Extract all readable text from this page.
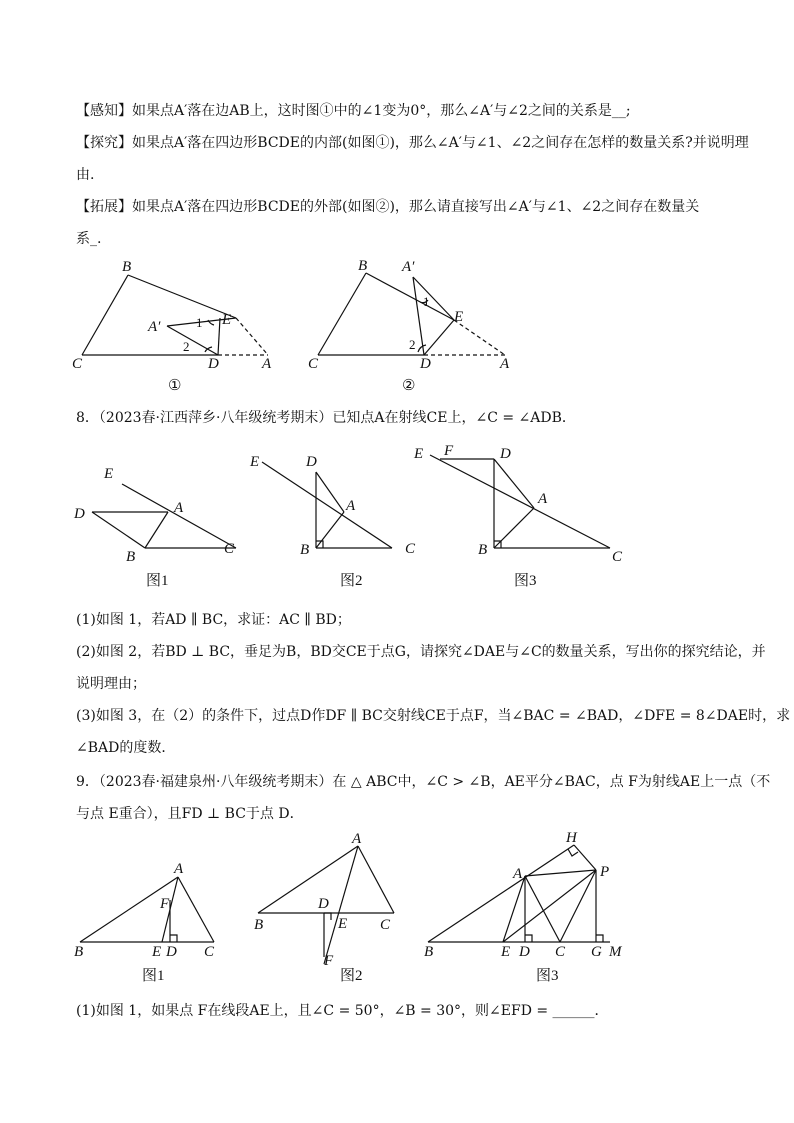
【感知】如果点A′落在边AB上，这时图①中的∠1变为0°，那么∠A′与∠2之间的关系是__;
【探究】如果点A′落在四边形BCDE的内部(如图①)，那么∠A′与∠1、∠2之间存在怎样的数量关系?并说明理
由.
【拓展】如果点A′落在四边形BCDE的外部(如图②)，那么请直接写出∠A′与∠1、∠2之间存在数量关
系_.
B
E
A′	1
2
C	D	A
①
B
E
A′
1
2
C	D	A
②
8．（2023春·江西萍乡·八年级统考期末）已知点A在射线CE上，∠C = ∠ADB．
E
D	A
B	C
图1
E	D
A
B	C
图2
E F	D
A
B	C
图3
(1)如图 1，若AD ∥ BC，求证：AC ∥ BD；
(2)如图 2，若BD ⊥ BC，垂足为B，BD交CE于点G，请探究∠DAE与∠C的数量关系，写出你的探究结论，并
说明理由；
(3)如图 3，在（2）的条件下，过点D作DF ∥ BC交射线CE于点F，当∠BAC = ∠BAD，∠DFE = 8∠DAE时，求
∠BAD的度数．
9．（2023春·福建泉州·八年级统考期末）在 △ ABC中，∠C > ∠B，AE平分∠BAC，点 F为射线AE上一点（不
与点 E重合），且FD ⊥ BC于点 D．
A
F
B	E D C
图1
A
D
B	E C
F
图2
H
A	P
B	E D C G M
图3
(1)如图 1，如果点 F在线段AE上，且∠C = 50°，∠B = 30°，则∠EFD = ______．
